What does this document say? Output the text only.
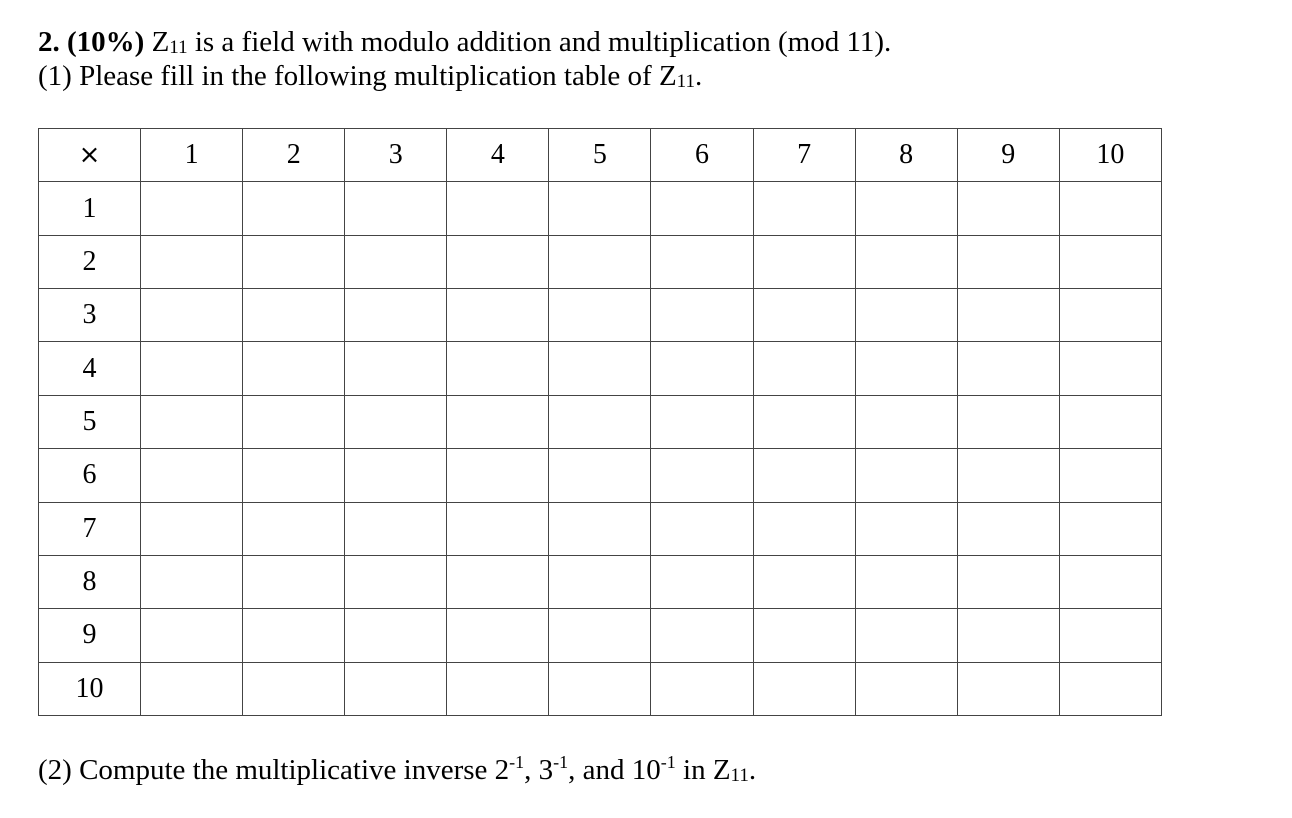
2. (10%) $Z_{11}$ is a field with modulo addition and multiplication (mod 11).
(1) Please fill in the following multiplication table of $Z_{11}$.
×	1	2	3	4	5	6	7	8	9	10
1										
2										
3										
4										
5										
6										
7										
8										
9										
10										
(2) Compute the multiplicative inverse $2^{-1}$, $3^{-1}$, and $10^{-1}$ in $Z_{11}$.
